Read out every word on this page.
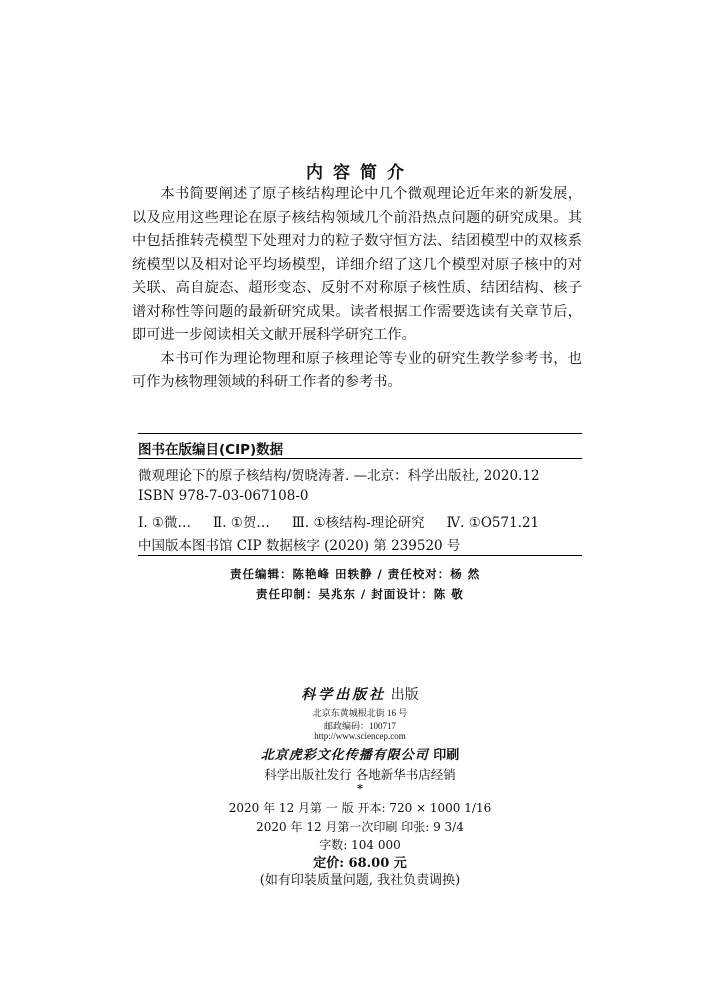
内容简介

本书简要阐述了原子核结构理论中几个微观理论近年来的新发展，以及应用这些理论在原子核结构领域几个前沿热点问题的研究成果。其中包括推转壳模型下处理对力的粒子数守恒方法、结团模型中的双核系统模型以及相对论平均场模型，详细介绍了这几个模型对原子核中的对关联、高自旋态、超形变态、反射不对称原子核性质、结团结构、核子谱对称性等问题的最新研究成果。读者根据工作需要选读有关章节后，即可进一步阅读相关文献开展科学研究工作。

本书可作为理论物理和原子核理论等专业的研究生教学参考书，也可作为核物理领域的科研工作者的参考书。

图书在版编目(CIP)数据
微观理论下的原子核结构/贺晓涛著. —北京：科学出版社, 2020.12
ISBN 978-7-03-067108-0
Ⅰ. ①微… Ⅱ. ①贺… Ⅲ. ①核结构-理论研究 Ⅳ. ①O571.21
中国版本图书馆 CIP 数据核字 (2020) 第 239520 号
责任编辑：陈艳峰 田轶静 / 责任校对：杨 然
责任印制：吴兆东 / 封面设计：陈 敬
科学出版社 出版
北京东黄城根北街 16 号
邮政编码：100717
http://www.sciencep.com
北京虎彩文化传播有限公司 印刷
科学出版社发行 各地新华书店经销
*
2020 年 12 月第 一 版 开本: 720 × 1000 1/16
2020 年 12 月第一次印刷 印张: 9 3/4
字数: 104 000
定价: 68.00 元
(如有印装质量问题, 我社负责调换)
